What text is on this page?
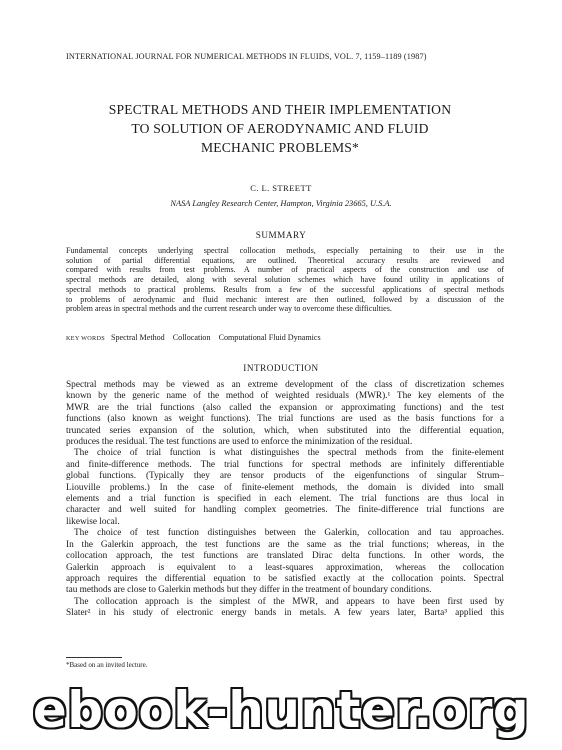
INTERNATIONAL JOURNAL FOR NUMERICAL METHODS IN FLUIDS, VOL. 7, 1159–1189 (1987)
SPECTRAL METHODS AND THEIR IMPLEMENTATION
TO SOLUTION OF AERODYNAMIC AND FLUID
MECHANIC PROBLEMS*
C. L. STREETT
NASA Langley Research Center, Hampton, Virginia 23665, U.S.A.
SUMMARY
Fundamental concepts underlying spectral collocation methods, especially pertaining to their use in the
solution of partial differential equations, are outlined. Theoretical accuracy results are reviewed and
compared with results from test problems. A number of practical aspects of the construction and use of
spectral methods are detailed, along with several solution schemes which have found utility in applications of
spectral methods to practical problems. Results from a few of the successful applications of spectral methods
to problems of aerodynamic and fluid mechanic interest are then outlined, followed by a discussion of the
problem areas in spectral methods and the current research under way to overcome these difficulties.
KEY WORDS Spectral Method Collocation Computational Fluid Dynamics
INTRODUCTION
Spectral methods may be viewed as an extreme development of the class of discretization schemes
known by the generic name of the method of weighted residuals (MWR).¹ The key elements of the
MWR are the trial functions (also called the expansion or approximating functions) and the test
functions (also known as weight functions). The trial functions are used as the basis functions for a
truncated series expansion of the solution, which, when substituted into the differential equation,
produces the residual. The test functions are used to enforce the minimization of the residual.
The choice of trial function is what distinguishes the spectral methods from the finite-element
and finite-difference methods. The trial functions for spectral methods are infinitely differentiable
global functions. (Typically they are tensor products of the eigenfunctions of singular Strum–
Liouville problems.) In the case of finite-element methods, the domain is divided into small
elements and a trial function is specified in each element. The trial functions are thus local in
character and well suited for handling complex geometries. The finite-difference trial functions are
likewise local.
The choice of test function distinguishes between the Galerkin, collocation and tau approaches.
In the Galerkin approach, the test functions are the same as the trial functions; whereas, in the
collocation approach, the test functions are translated Dirac delta functions. In other words, the
Galerkin approach is equivalent to a least-squares approximation, whereas the collocation
approach requires the differential equation to be satisfied exactly at the collocation points. Spectral
tau methods are close to Galerkin methods but they differ in the treatment of boundary conditions.
The collocation approach is the simplest of the MWR, and appears to have been first used by
Slater² in his study of electronic energy bands in metals. A few years later, Barta³ applied this
*Based on an invited lecture.
ebook-hunter.org
